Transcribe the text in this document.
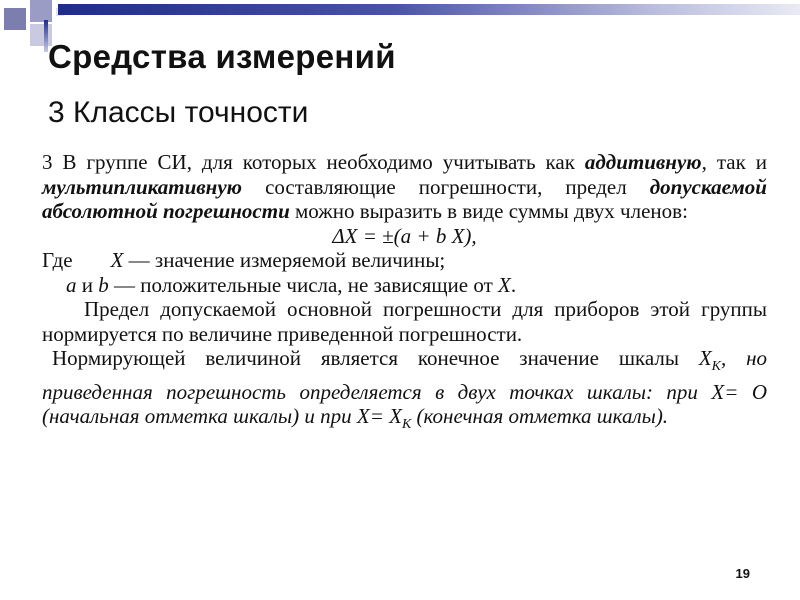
Средства измерений
3 Классы точности

3 В группе СИ, для которых необходимо учитывать как аддитивную, так и мультипликативную составляющие погрешности, предел допускаемой абсолютной погрешности можно выразить в виде суммы двух членов:

ΔX = ±(a + b X),

Где X — значение измеряемой величины;

a и b — положительные числа, не зависящие от X.

Предел допускаемой основной погрешности для приборов этой группы нормируется по величине приведенной погрешности.

Нормирующей величиной является конечное значение шкалы $X_К$, но приведенная погрешность определяется в двух точках шкалы: при X= О (начальная отметка шкалы) и при $X= X_К$ (конечная отметка шкалы).

19
